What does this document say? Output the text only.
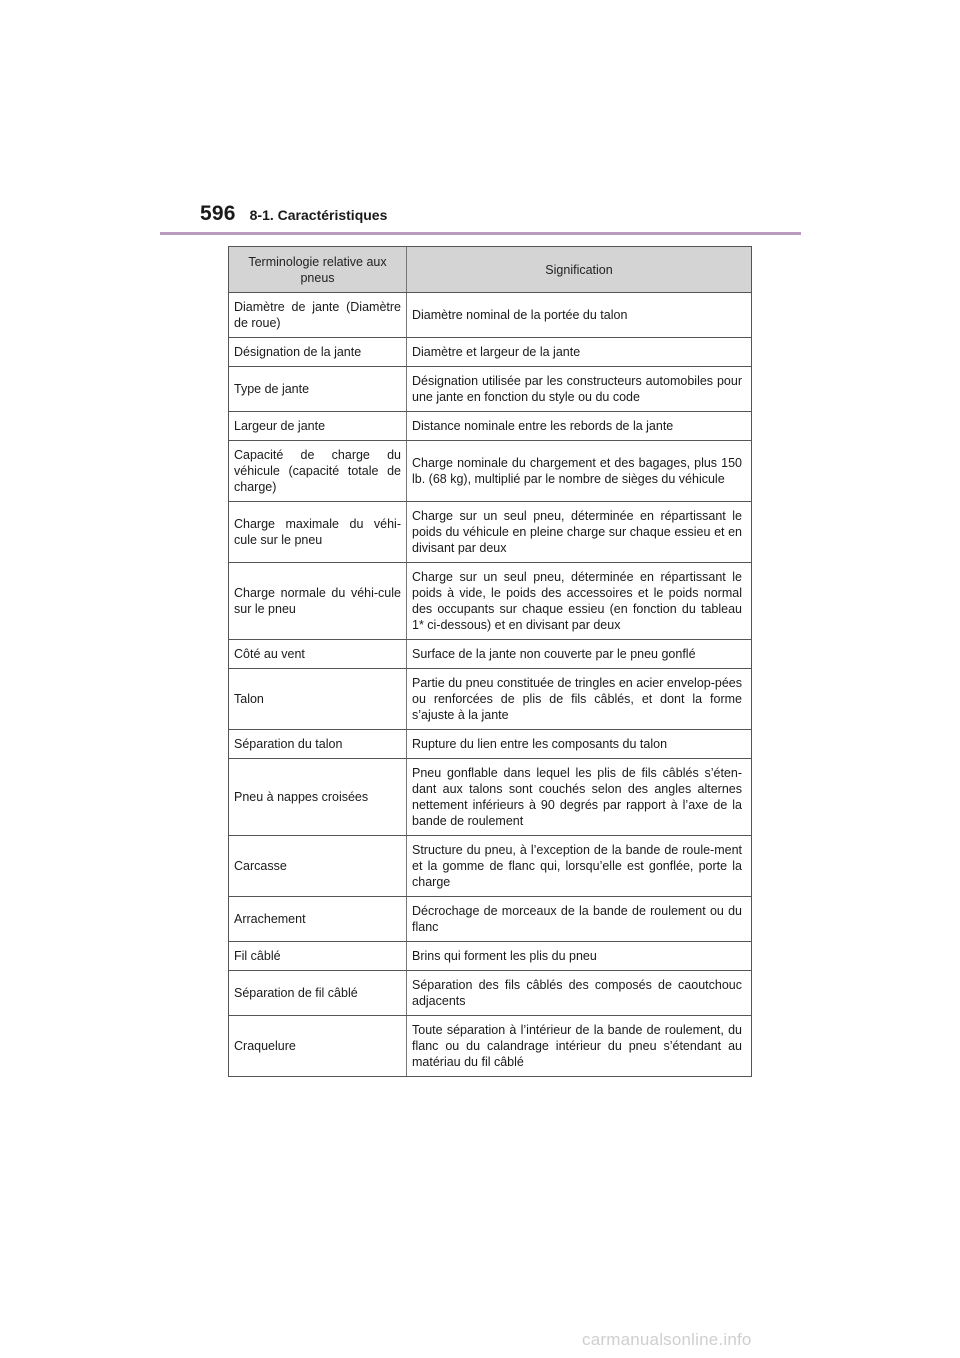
596 8-1. Caractéristiques
Terminologie relative aux pneus	Signification
Diamètre de jante (Diamètre de roue)	Diamètre nominal de la portée du talon
Désignation de la jante	Diamètre et largeur de la jante
Type de jante	Désignation utilisée par les constructeurs automobiles pour une jante en fonction du style ou du code
Largeur de jante	Distance nominale entre les rebords de la jante
Capacité de charge du véhicule (capacité totale de charge)	Charge nominale du chargement et des bagages, plus 150 lb. (68 kg), multiplié par le nombre de sièges du véhicule
Charge maximale du véhi-cule sur le pneu	Charge sur un seul pneu, déterminée en répartissant le poids du véhicule en pleine charge sur chaque essieu et en divisant par deux
Charge normale du véhi-cule sur le pneu	Charge sur un seul pneu, déterminée en répartissant le poids à vide, le poids des accessoires et le poids normal des occupants sur chaque essieu (en fonction du tableau 1* ci-dessous) et en divisant par deux
Côté au vent	Surface de la jante non couverte par le pneu gonflé
Talon	Partie du pneu constituée de tringles en acier envelop-pées ou renforcées de plis de fils câblés, et dont la forme s’ajuste à la jante
Séparation du talon	Rupture du lien entre les composants du talon
Pneu à nappes croisées	Pneu gonflable dans lequel les plis de fils câblés s’éten-dant aux talons sont couchés selon des angles alternes nettement inférieurs à 90 degrés par rapport à l’axe de la bande de roulement
Carcasse	Structure du pneu, à l’exception de la bande de roule-ment et la gomme de flanc qui, lorsqu’elle est gonflée, porte la charge
Arrachement	Décrochage de morceaux de la bande de roulement ou du flanc
Fil câblé	Brins qui forment les plis du pneu
Séparation de fil câblé	Séparation des fils câblés des composés de caoutchouc adjacents
Craquelure	Toute séparation à l’intérieur de la bande de roulement, du flanc ou du calandrage intérieur du pneu s’étendant au matériau du fil câblé
carmanualsonline.info
